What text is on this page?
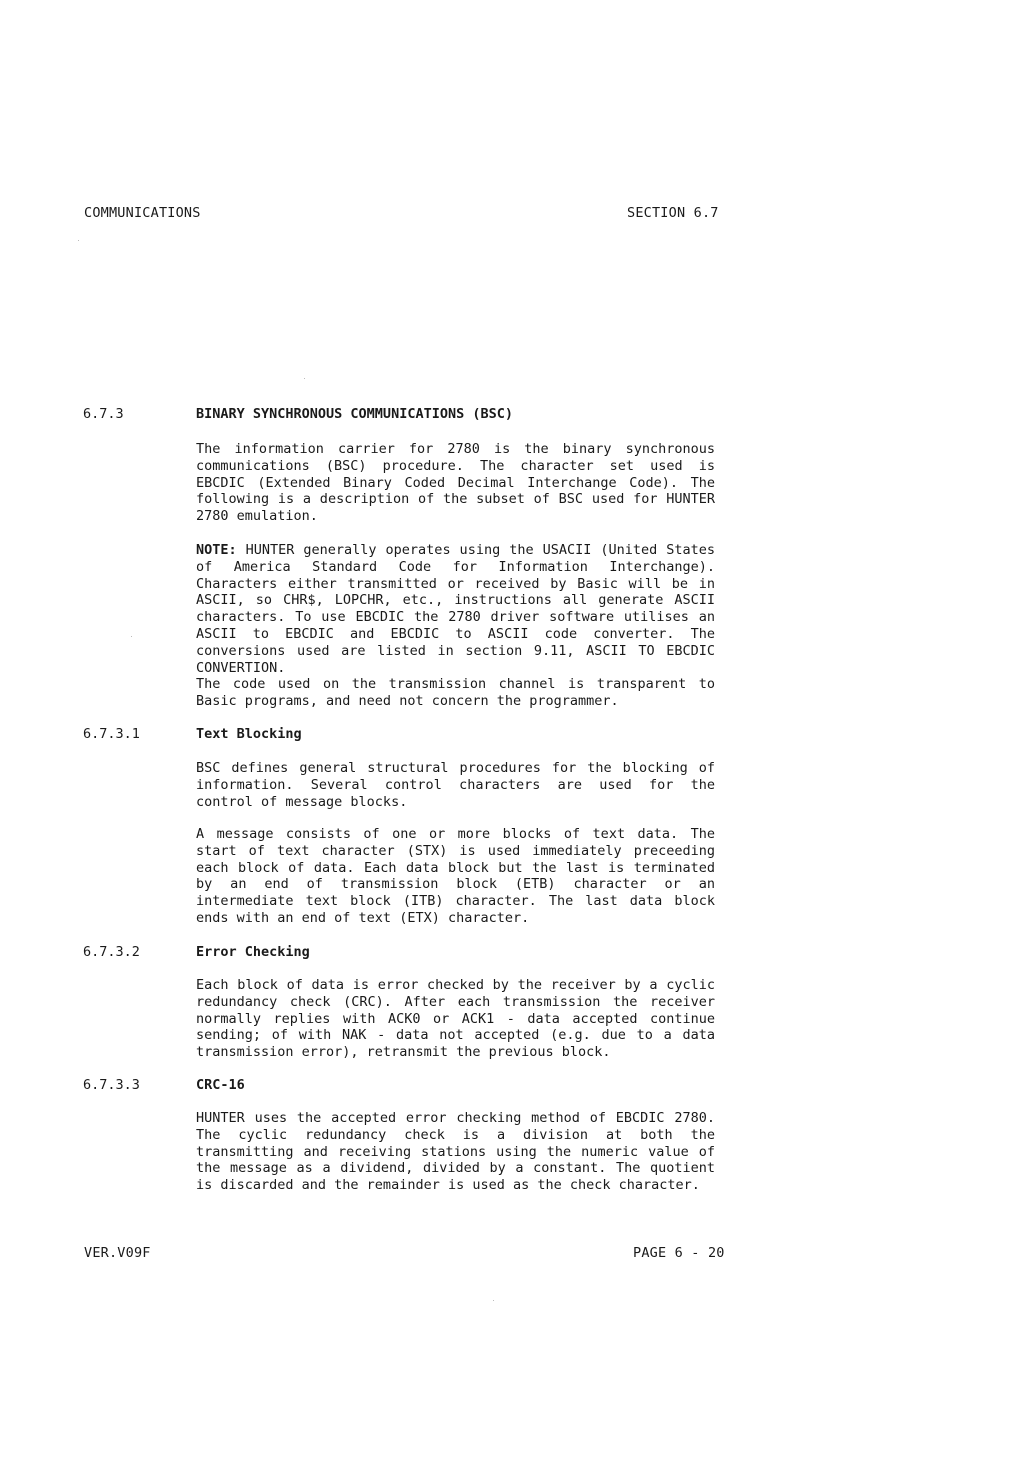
COMMUNICATIONS	SECTION 6.7
6.7.3	BINARY SYNCHRONOUS COMMUNICATIONS (BSC)

The information carrier for 2780 is the binary synchronous communications (BSC) procedure. The character set used is EBCDIC (Extended Binary Coded Decimal Interchange Code). The following is a description of the subset of BSC used for HUNTER 2780 emulation.

NOTE: HUNTER generally operates using the USACII (United States of America Standard Code for Information Interchange). Characters either transmitted or received by Basic will be in ASCII, so CHR$, LOPCHR, etc., instructions all generate ASCII characters. To use EBCDIC the 2780 driver software utilises an ASCII to EBCDIC and EBCDIC to ASCII code converter. The conversions used are listed in section 9.11, ASCII TO EBCDIC CONVERTION.

The code used on the transmission channel is transparent to Basic programs, and need not concern the programmer.

6.7.3.1	Text Blocking

BSC defines general structural procedures for the blocking of information. Several control characters are used for the control of message blocks.

A message consists of one or more blocks of text data. The start of text character (STX) is used immediately preceeding each block of data. Each data block but the last is terminated by an end of transmission block (ETB) character or an intermediate text block (ITB) character. The last data block ends with an end of text (ETX) character.

6.7.3.2	Error Checking

Each block of data is error checked by the receiver by a cyclic redundancy check (CRC). After each transmission the receiver normally replies with ACK0 or ACK1 - data accepted continue sending; of with NAK - data not accepted (e.g. due to a data transmission error), retransmit the previous block.

6.7.3.3	CRC-16

HUNTER uses the accepted error checking method of EBCDIC 2780. The cyclic redundancy check is a division at both the transmitting and receiving stations using the numeric value of the message as a dividend, divided by a constant. The quotient is discarded and the remainder is used as the check character.

VER.V09F	PAGE 6 - 20
